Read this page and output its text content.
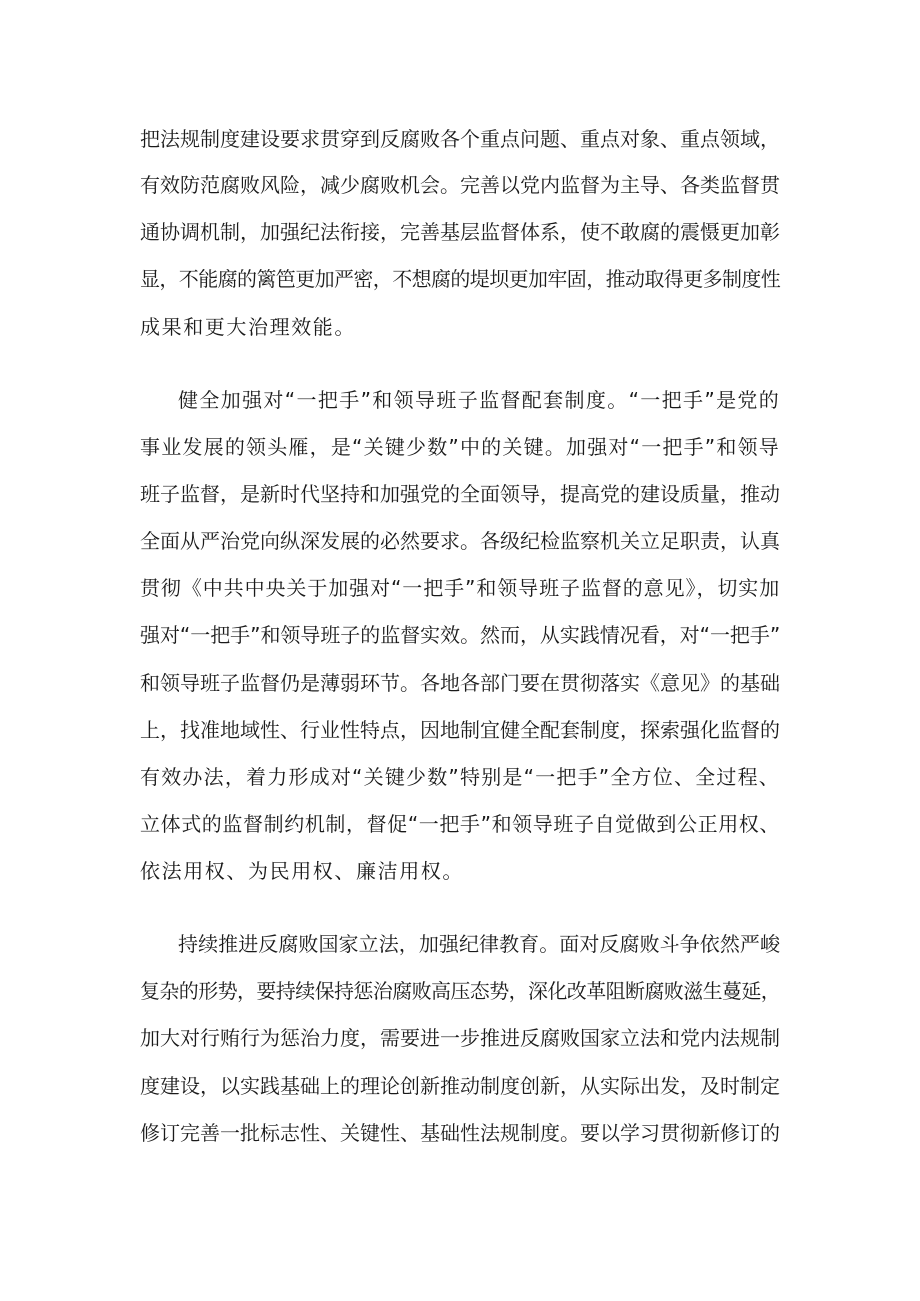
把法规制度建设要求贯穿到反腐败各个重点问题、重点对象、重点领域，
有效防范腐败风险，减少腐败机会。完善以党内监督为主导、各类监督贯
通协调机制，加强纪法衔接，完善基层监督体系，使不敢腐的震慑更加彰
显，不能腐的篱笆更加严密，不想腐的堤坝更加牢固，推动取得更多制度性
成果和更大治理效能。
健全加强对“一把手”和领导班子监督配套制度。“一把手”是党的
事业发展的领头雁，是“关键少数”中的关键。加强对“一把手”和领导
班子监督，是新时代坚持和加强党的全面领导，提高党的建设质量，推动
全面从严治党向纵深发展的必然要求。各级纪检监察机关立足职责，认真
贯彻《中共中央关于加强对“一把手”和领导班子监督的意见》，切实加
强对“一把手”和领导班子的监督实效。然而，从实践情况看，对“一把手”
和领导班子监督仍是薄弱环节。各地各部门要在贯彻落实《意见》的基础
上，找准地域性、行业性特点，因地制宜健全配套制度，探索强化监督的
有效办法，着力形成对“关键少数”特别是“一把手”全方位、全过程、
立体式的监督制约机制，督促“一把手”和领导班子自觉做到公正用权、
依法用权、为民用权、廉洁用权。
持续推进反腐败国家立法，加强纪律教育。面对反腐败斗争依然严峻
复杂的形势，要持续保持惩治腐败高压态势，深化改革阻断腐败滋生蔓延，
加大对行贿行为惩治力度，需要进一步推进反腐败国家立法和党内法规制
度建设，以实践基础上的理论创新推动制度创新，从实际出发，及时制定
修订完善一批标志性、关键性、基础性法规制度。要以学习贯彻新修订的
